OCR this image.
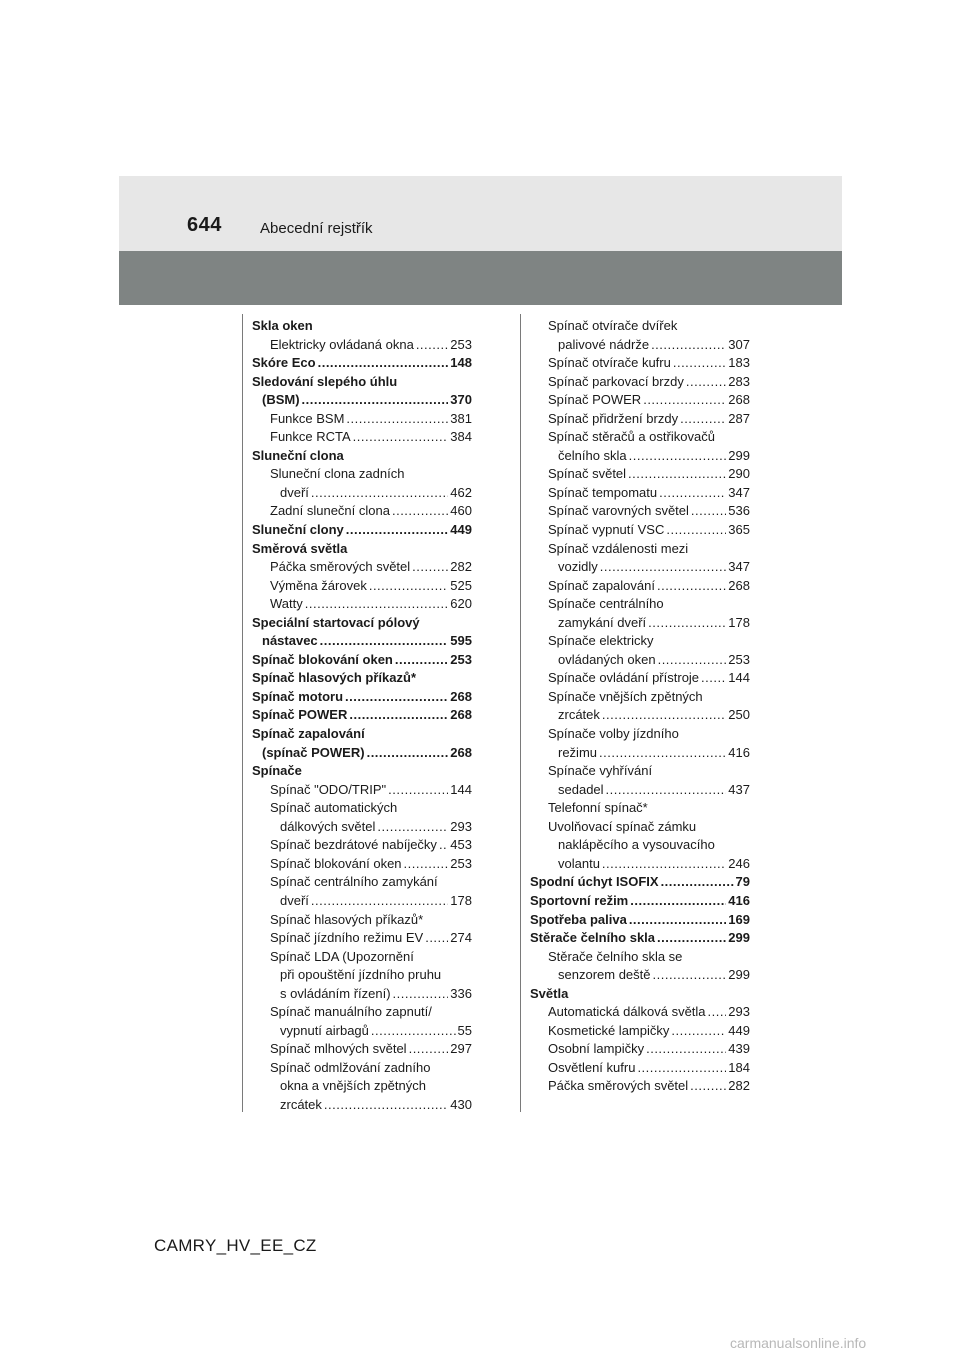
644	Abecední rejstřík
Skla oken
Elektricky ovládaná okna .....	253
Skóre Eco .....	148
Sledování slepého úhlu
(BSM) .....	370
Funkce BSM .....	381
Funkce RCTA .....	384
Sluneční clona
Sluneční clona zadních
dveří .....	462
Zadní sluneční clona .....	460
Sluneční clony .....	449
Směrová světla
Páčka směrových světel .....	282
Výměna žárovek .....	525
Watty .....	620
Speciální startovací pólový
nástavec .....	595
Spínač blokování oken .....	253
Spínač hlasových příkazů*
Spínač motoru .....	268
Spínač POWER .....	268
Spínač zapalování
(spínač POWER) .....	268
Spínače
Spínač "ODO/TRIP" .....	144
Spínač automatických
dálkových světel .....	293
Spínač bezdrátové nabíječky ..... 453
Spínač blokování oken .....	253
Spínač centrálního zamykání
dveří .....	178
Spínač hlasových příkazů*
Spínač jízdního režimu EV ..... 274
Spínač LDA (Upozornění
při opouštění jízdního pruhu
s ovládáním řízení) .....	336
Spínač manuálního zapnutí/
vypnutí airbagů .....	55
Spínač mlhových světel .....	297
Spínač odmlžování zadního
okna a vnějších zpětných
zrcátek .....	430
Spínač otvírače dvířek
palivové nádrže .....	307
Spínač otvírače kufru .....	183
Spínač parkovací brzdy .....	283
Spínač POWER .....	268
Spínač přidržení brzdy .....	287
Spínač stěračů a ostřikovačů
čelního skla .....	299
Spínač světel .....	290
Spínač tempomatu .....	347
Spínač varovných světel .....	536
Spínač vypnutí VSC .....	365
Spínač vzdálenosti mezi
vozidly .....	347
Spínač zapalování .....	268
Spínače centrálního
zamykání dveří .....	178
Spínače elektricky
ovládaných oken .....	253
Spínače ovládání přístroje ..... 144
Spínače vnějších zpětných
zrcátek .....	250
Spínače volby jízdního
režimu .....	416
Spínače vyhřívání
sedadel .....	437
Telefonní spínač*
Uvolňovací spínač zámku
naklápěcího a vysouvacího
volantu .....	246
Spodní úchyt ISOFIX .....	79
Sportovní režim .....	416
Spotřeba paliva .....	169
Stěrače čelního skla .....	299
Stěrače čelního skla se
senzorem deště .....	299
Světla
Automatická dálková světla ..... 293
Kosmetické lampičky .....	449
Osobní lampičky .....	439
Osvětlení kufru .....	184
Páčka směrových světel .....	282
CAMRY_HV_EE_CZ
carmanualsonline.info
